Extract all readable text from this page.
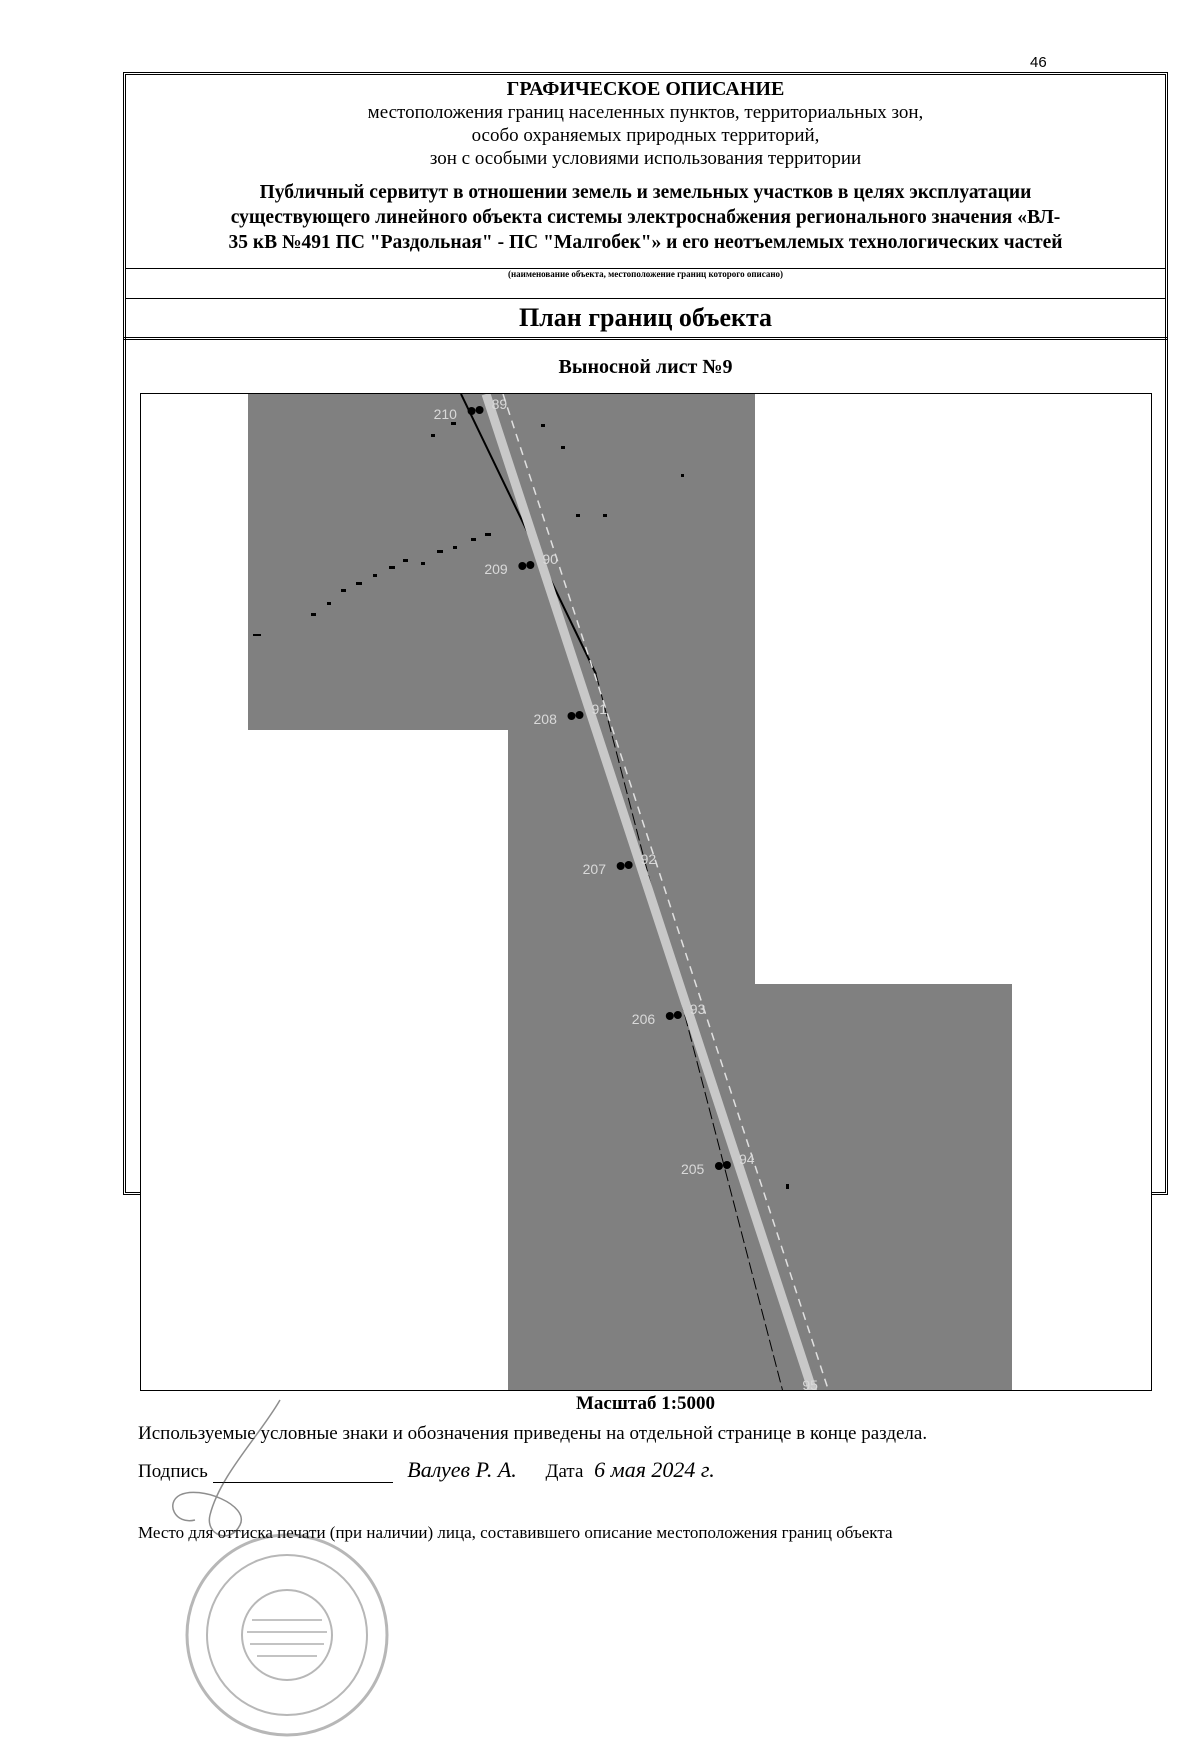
46
ГРАФИЧЕСКОЕ ОПИСАНИЕ
местоположения границ населенных пунктов, территориальных зон,
особо охраняемых природных территорий,
зон с особыми условиями использования территории
Публичный сервитут в отношении земель и земельных участков в целях эксплуатации
существующего линейного объекта системы электроснабжения регионального значения «ВЛ-
35 кВ №491 ПС "Раздольная" - ПС "Малгобек"» и его неотъемлемых технологических частей
(наименование объекта, местоположение границ которого описано)
План границ объекта
Выносной лист №9
210
89
209
90
208
91
207
92
206
93
205
94
95
Масштаб 1:5000
Используемые условные знаки и обозначения приведены на отдельной странице в конце раздела.
Подпись	Валуев Р. А. Дата 6 мая 2024 г.
Место для оттиска печати (при наличии) лица, составившего описание местоположения границ объекта
